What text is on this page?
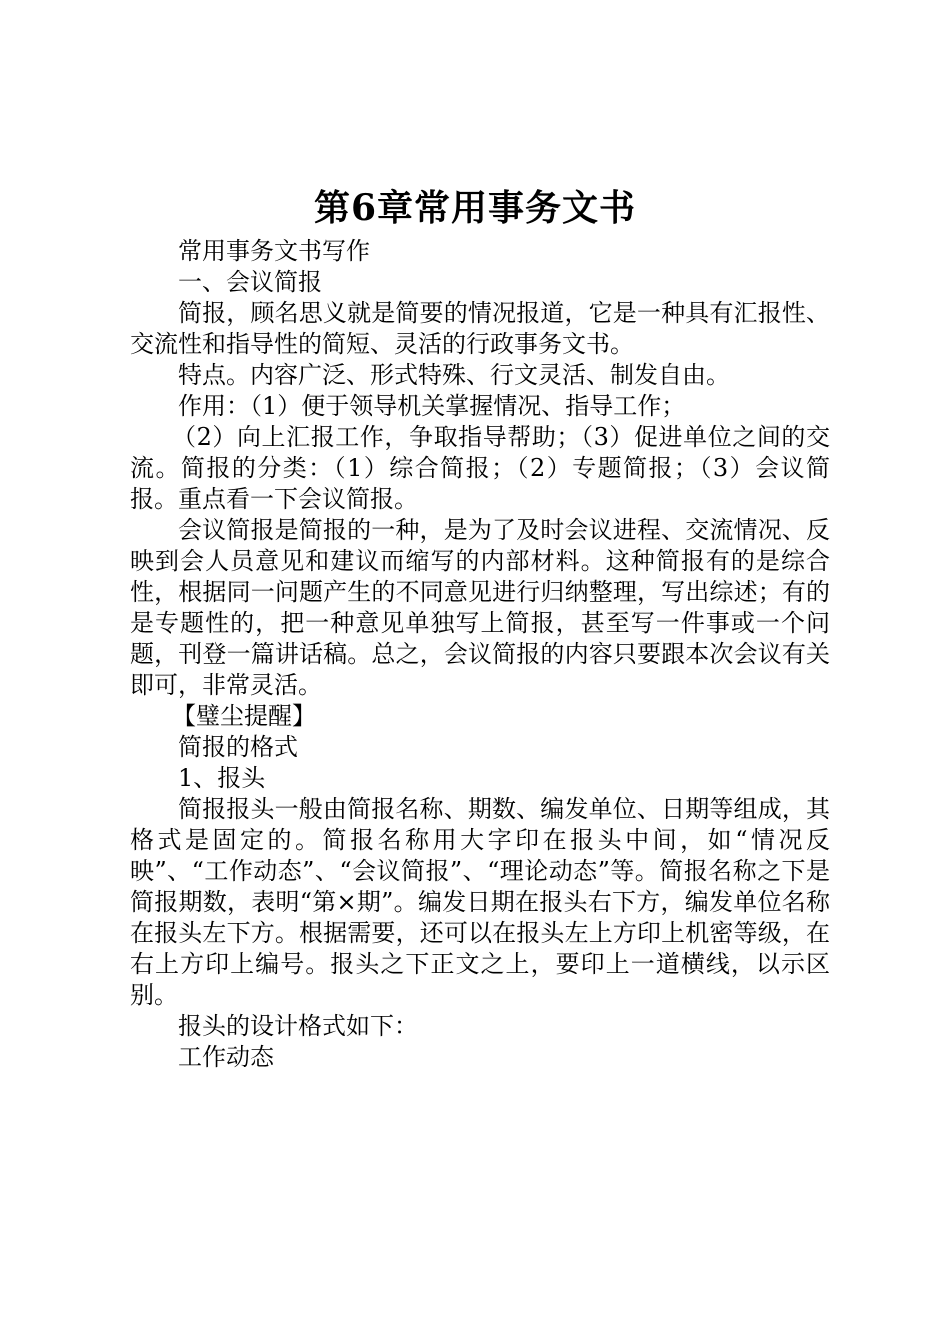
第6章常用事务文书

常用事务文书写作

一、会议简报

简报，顾名思义就是简要的情况报道，它是一种具有汇报性、交流性和指导性的简短、灵活的行政事务文书。

特点。内容广泛、形式特殊、行文灵活、制发自由。

作用：（1）便于领导机关掌握情况、指导工作；

（2）向上汇报工作，争取指导帮助；（3）促进单位之间的交流。简报的分类：（1）综合简报；（2）专题简报；（3）会议简报。重点看一下会议简报。

会议简报是简报的一种，是为了及时会议进程、交流情况、反映到会人员意见和建议而缩写的内部材料。这种简报有的是综合性，根据同一问题产生的不同意见进行归纳整理，写出综述；有的是专题性的，把一种意见单独写上简报，甚至写一件事或一个问题，刊登一篇讲话稿。总之，会议简报的内容只要跟本次会议有关即可，非常灵活。

【璧尘提醒】

简报的格式

1、报头

简报报头一般由简报名称、期数、编发单位、日期等组成，其格式是固定的。简报名称用大字印在报头中间，如“情况反映”、“工作动态”、“会议简报”、“理论动态”等。简报名称之下是简报期数，表明“第×期”。编发日期在报头右下方，编发单位名称在报头左下方。根据需要，还可以在报头左上方印上机密等级，在右上方印上编号。报头之下正文之上，要印上一道横线，以示区别。

报头的设计格式如下：

工作动态
